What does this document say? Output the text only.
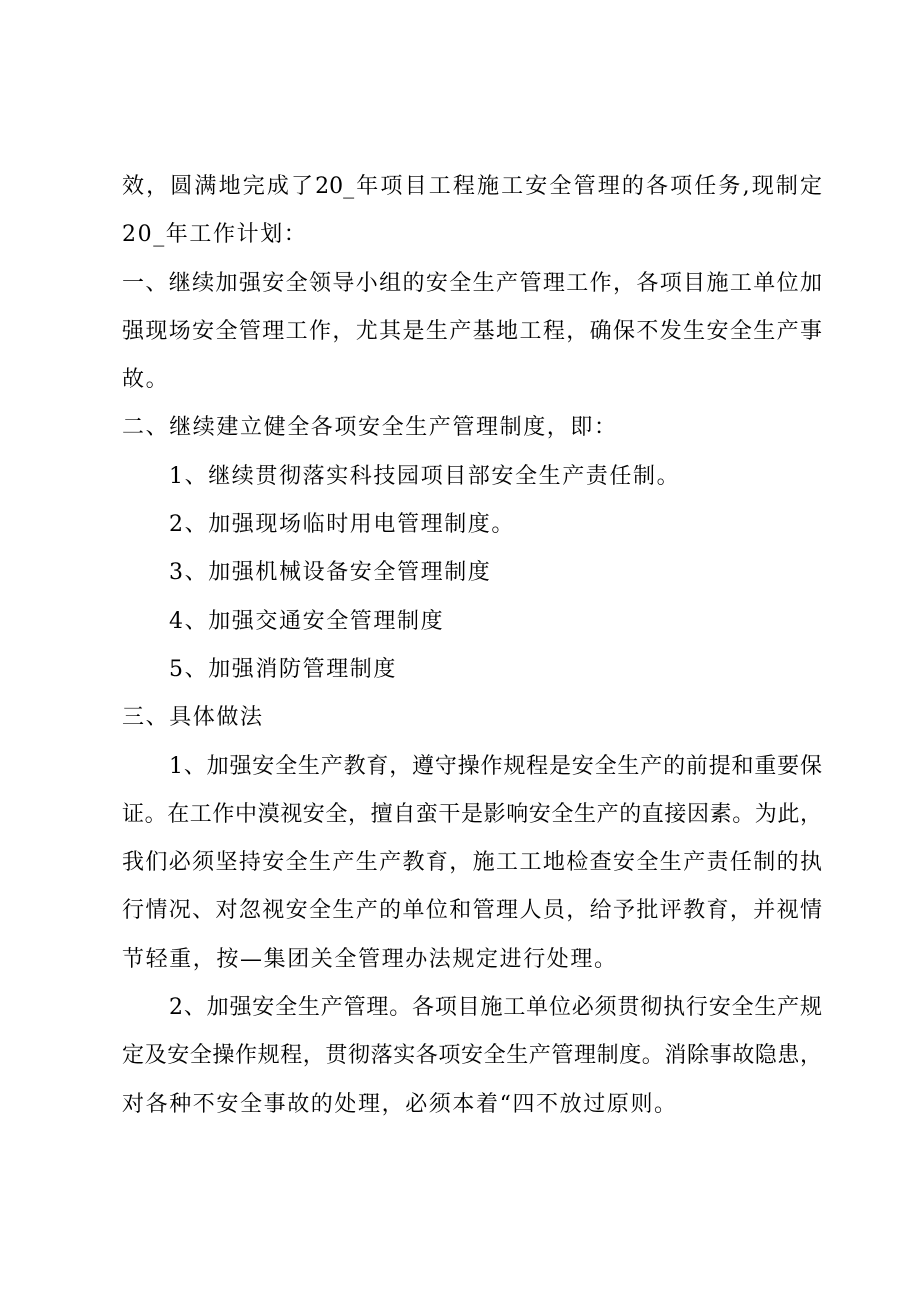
效，圆满地完成了20_年项目工程施工安全管理的各项任务,现制定
20_年工作计划：
一、继续加强安全领导小组的安全生产管理工作，各项目施工单位加
强现场安全管理工作，尤其是生产基地工程，确保不发生安全生产事
故。
二、继续建立健全各项安全生产管理制度，即：
1、继续贯彻落实科技园项目部安全生产责任制。
2、加强现场临时用电管理制度。
3、加强机械设备安全管理制度
4、加强交通安全管理制度
5、加强消防管理制度
三、具体做法
1、加强安全生产教育，遵守操作规程是安全生产的前提和重要保
证。在工作中漠视安全，擅自蛮干是影响安全生产的直接因素。为此，
我们必须坚持安全生产生产教育，施工工地检查安全生产责任制的执
行情况、对忽视安全生产的单位和管理人员，给予批评教育，并视情
节轻重，按—集团关全管理办法规定进行处理。
2、加强安全生产管理。各项目施工单位必须贯彻执行安全生产规
定及安全操作规程，贯彻落实各项安全生产管理制度。消除事故隐患，
对各种不安全事故的处理，必须本着“四不放过原则。
